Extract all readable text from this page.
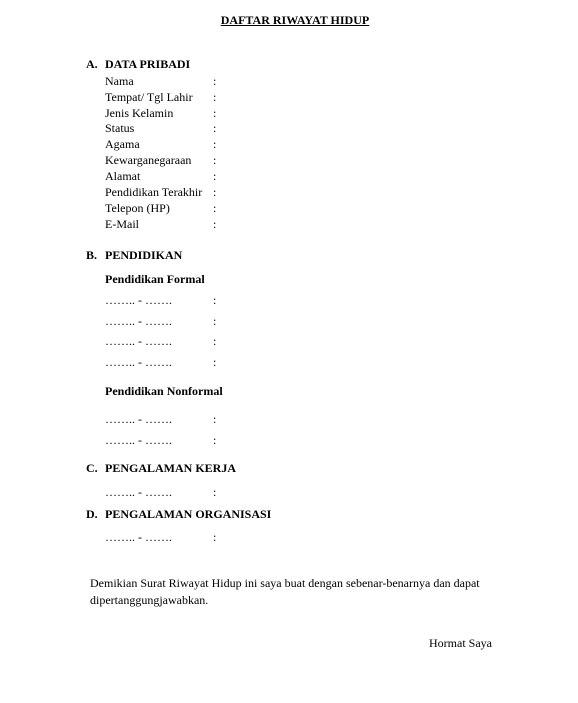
DAFTAR RIWAYAT HIDUP
A. DATA PRIBADI
Nama	:
Tempat/ Tgl Lahir :
Jenis Kelamin	:
Status	:
Agama	:
Kewarganegaraan :
Alamat	:
Pendidikan Terakhir :
Telepon (HP)	:
E-Mail	:
B. PENDIDIKAN
Pendidikan Formal
…….. - …….	:
…….. - …….	:
…….. - …….	:
…….. - …….	:
Pendidikan Nonformal
…….. - …….	:
…….. - …….	:
C. PENGALAMAN KERJA
…….. - …….	:
D. PENGALAMAN ORGANISASI
…….. - …….	:
Demikian Surat Riwayat Hidup ini saya buat dengan sebenar-benarnya dan dapat dipertanggungjawabkan.
Hormat Saya
